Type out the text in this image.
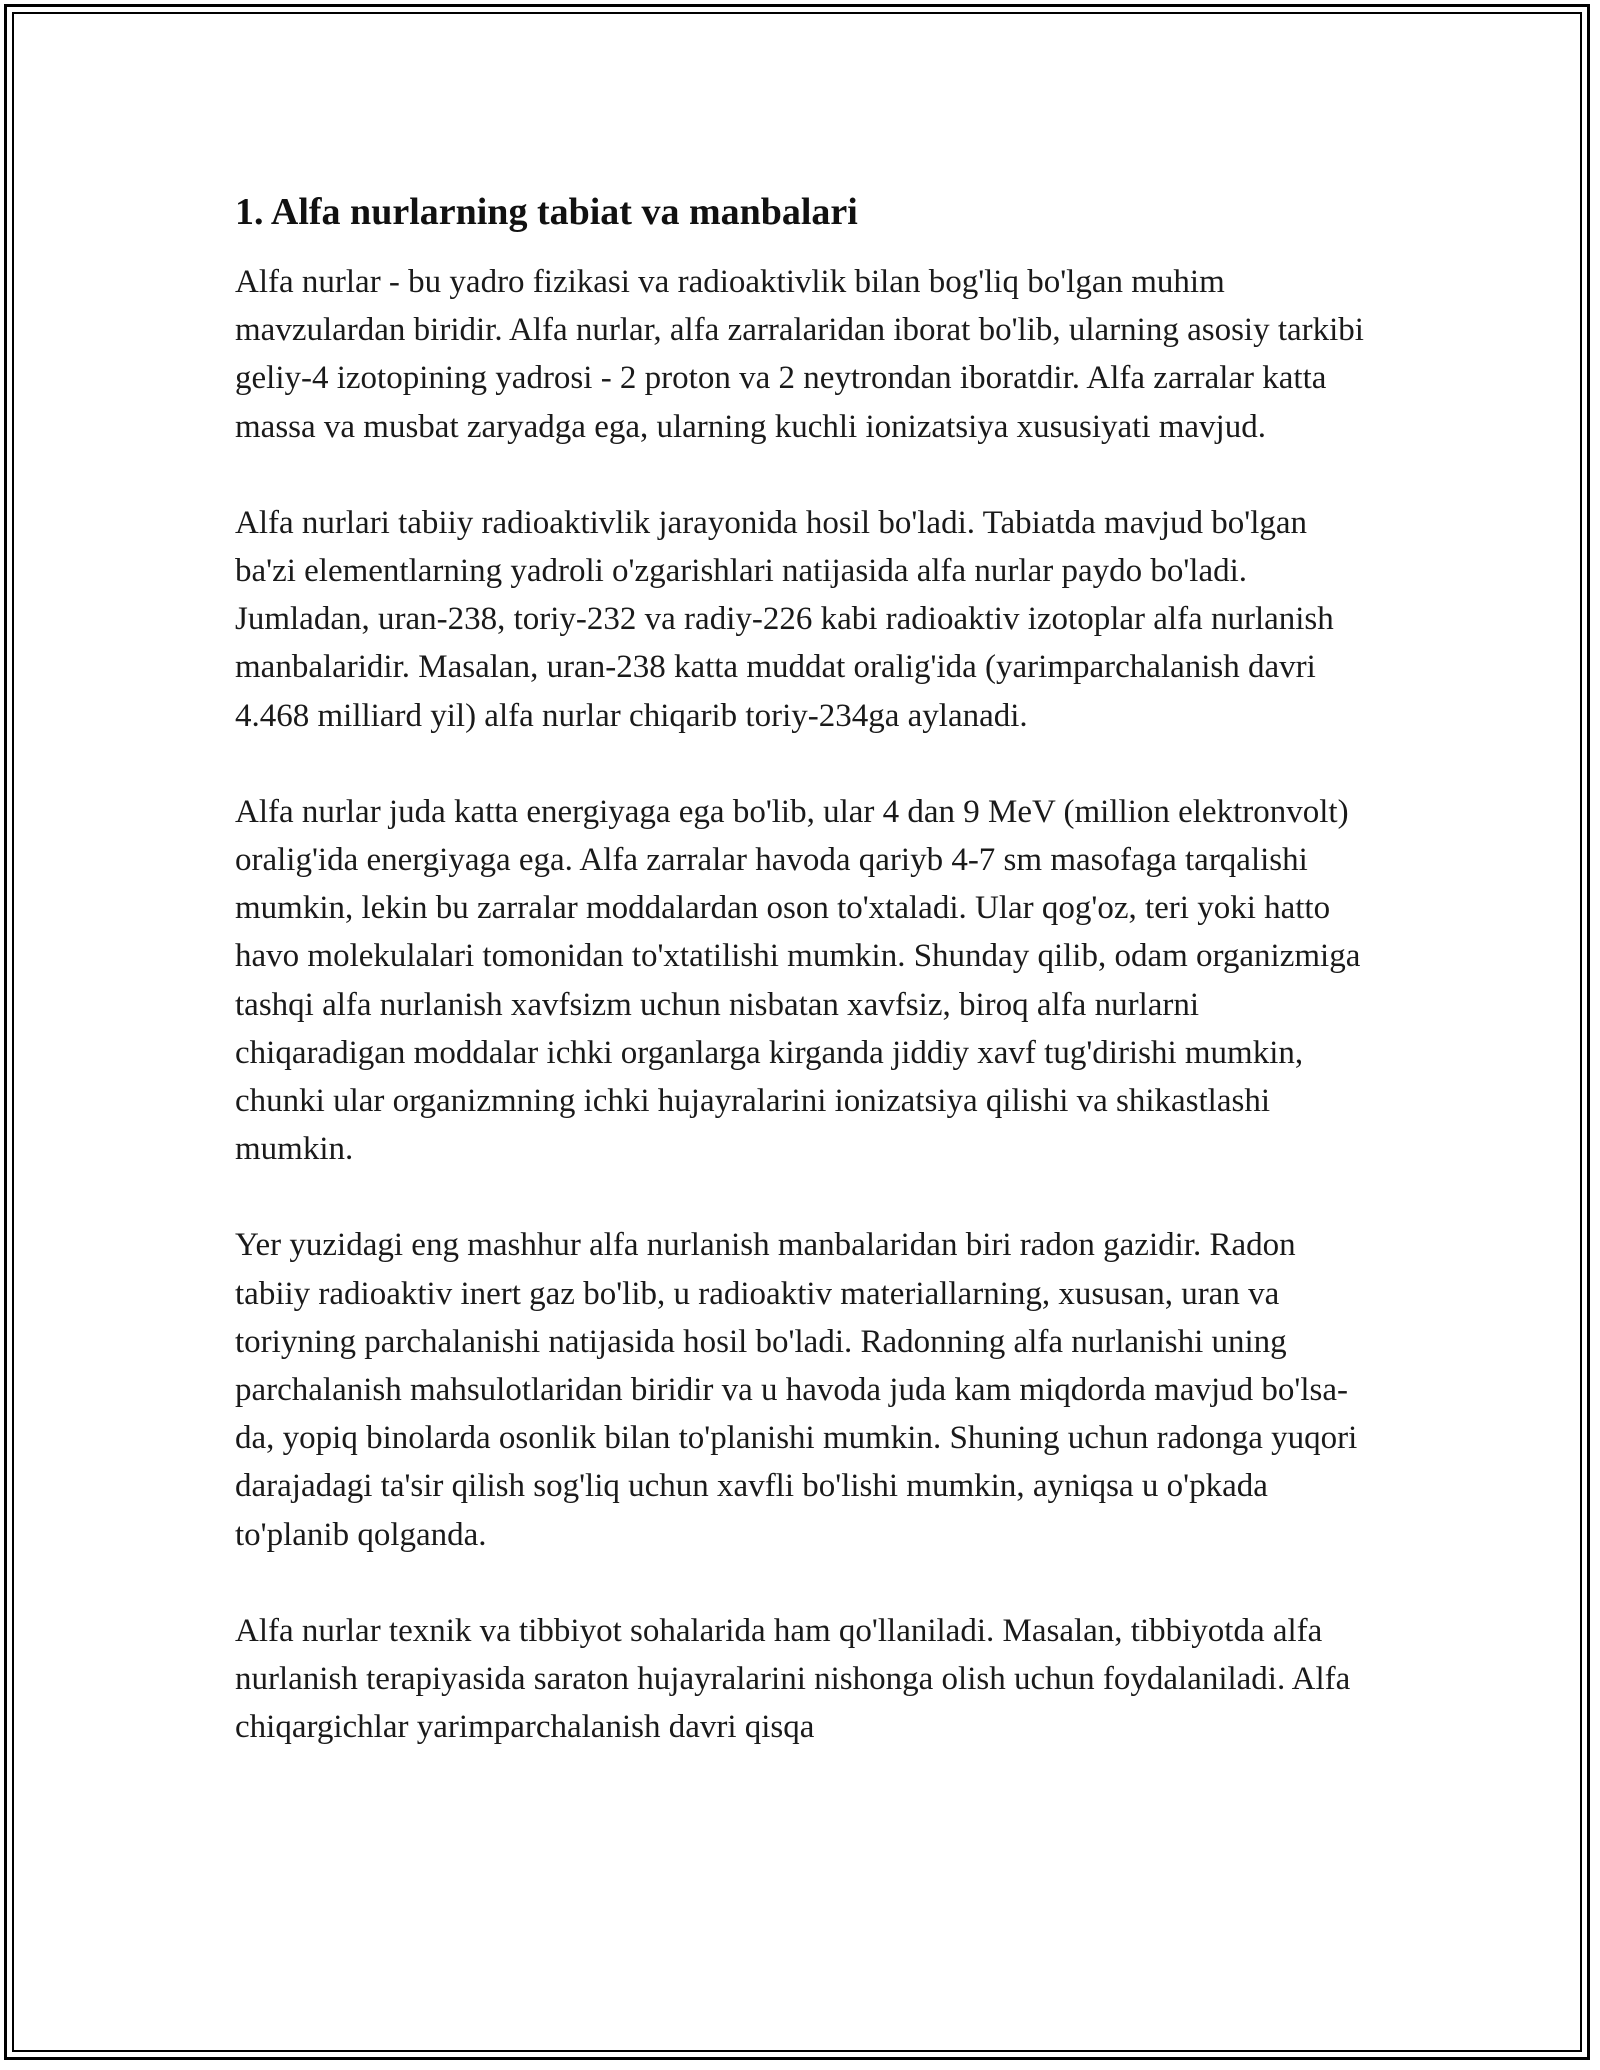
1. Alfa nurlarning tabiat va manbalari

Alfa nurlar - bu yadro fizikasi va radioaktivlik bilan bog'liq bo'lgan muhim mavzulardan biridir. Alfa nurlar, alfa zarralaridan iborat bo'lib, ularning asosiy tarkibi geliy-4 izotopining yadrosi - 2 proton va 2 neytrondan iboratdir. Alfa zarralar katta massa va musbat zaryadga ega, ularning kuchli ionizatsiya xususiyati mavjud.

Alfa nurlari tabiiy radioaktivlik jarayonida hosil bo'ladi. Tabiatda mavjud bo'lgan ba'zi elementlarning yadroli o'zgarishlari natijasida alfa nurlar paydo bo'ladi. Jumladan, uran-238, toriy-232 va radiy-226 kabi radioaktiv izotoplar alfa nurlanish manbalaridir. Masalan, uran-238 katta muddat oralig'ida (yarimparchalanish davri 4.468 milliard yil) alfa nurlar chiqarib toriy-234ga aylanadi.

Alfa nurlar juda katta energiyaga ega bo'lib, ular 4 dan 9 MeV (million elektronvolt) oralig'ida energiyaga ega. Alfa zarralar havoda qariyb 4-7 sm masofaga tarqalishi mumkin, lekin bu zarralar moddalardan oson to'xtaladi. Ular qog'oz, teri yoki hatto havo molekulalari tomonidan to'xtatilishi mumkin. Shunday qilib, odam organizmiga tashqi alfa nurlanish xavfsizm uchun nisbatan xavfsiz, biroq alfa nurlarni chiqaradigan moddalar ichki organlarga kirganda jiddiy xavf tug'dirishi mumkin, chunki ular organizmning ichki hujayralarini ionizatsiya qilishi va shikastlashi mumkin.

Yer yuzidagi eng mashhur alfa nurlanish manbalaridan biri radon gazidir. Radon tabiiy radioaktiv inert gaz bo'lib, u radioaktiv materiallarning, xususan, uran va toriyning parchalanishi natijasida hosil bo'ladi. Radonning alfa nurlanishi uning parchalanish mahsulotlaridan biridir va u havoda juda kam miqdorda mavjud bo'lsa-da, yopiq binolarda osonlik bilan to'planishi mumkin. Shuning uchun radonga yuqori darajadagi ta'sir qilish sog'liq uchun xavfli bo'lishi mumkin, ayniqsa u o'pkada to'planib qolganda.

Alfa nurlar texnik va tibbiyot sohalarida ham qo'llaniladi. Masalan, tibbiyotda alfa nurlanish terapiyasida saraton hujayralarini nishonga olish uchun foydalaniladi. Alfa chiqargichlar yarimparchalanish davri qisqa
